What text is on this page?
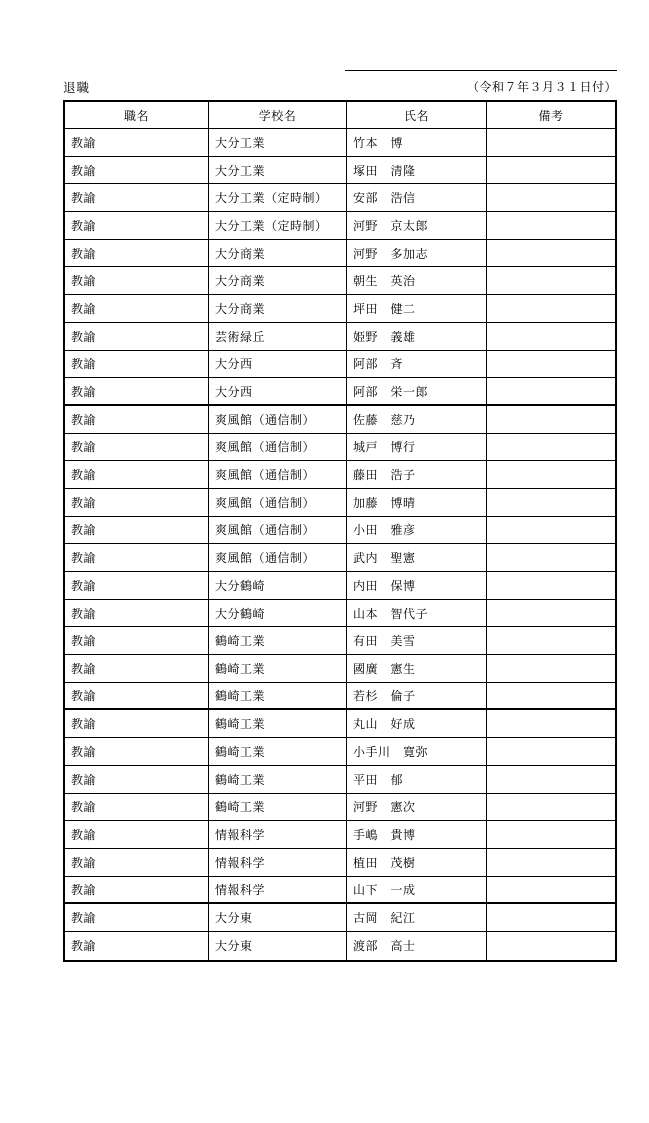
退職	（令和７年３月３１日付）
職名	学校名	氏名	備考
教諭	大分工業	竹本　博
教諭	大分工業	塚田　清隆
教諭	大分工業（定時制）	安部　浩信
教諭	大分工業（定時制）	河野　京太郎
教諭	大分商業	河野　多加志
教諭	大分商業	朝生　英治
教諭	大分商業	坪田　健二
教諭	芸術緑丘	姫野　義雄
教諭	大分西	阿部　斉
教諭	大分西	阿部　栄一郎
教諭	爽風館（通信制）	佐藤　慈乃
教諭	爽風館（通信制）	城戸　博行
教諭	爽風館（通信制）	藤田　浩子
教諭	爽風館（通信制）	加藤　博晴
教諭	爽風館（通信制）	小田　雅彦
教諭	爽風館（通信制）	武内　聖憲
教諭	大分鶴崎	内田　保博
教諭	大分鶴崎	山本　智代子
教諭	鶴崎工業	有田　美雪
教諭	鶴崎工業	國廣　憲生
教諭	鶴崎工業	若杉　倫子
教諭	鶴崎工業	丸山　好成
教諭	鶴崎工業	小手川　寛弥
教諭	鶴崎工業	平田　郁
教諭	鶴崎工業	河野　憲次
教諭	情報科学	手嶋　貴博
教諭	情報科学	植田　茂樹
教諭	情報科学	山下　一成
教諭	大分東	古岡　紀江
教諭	大分東	渡部　高士
